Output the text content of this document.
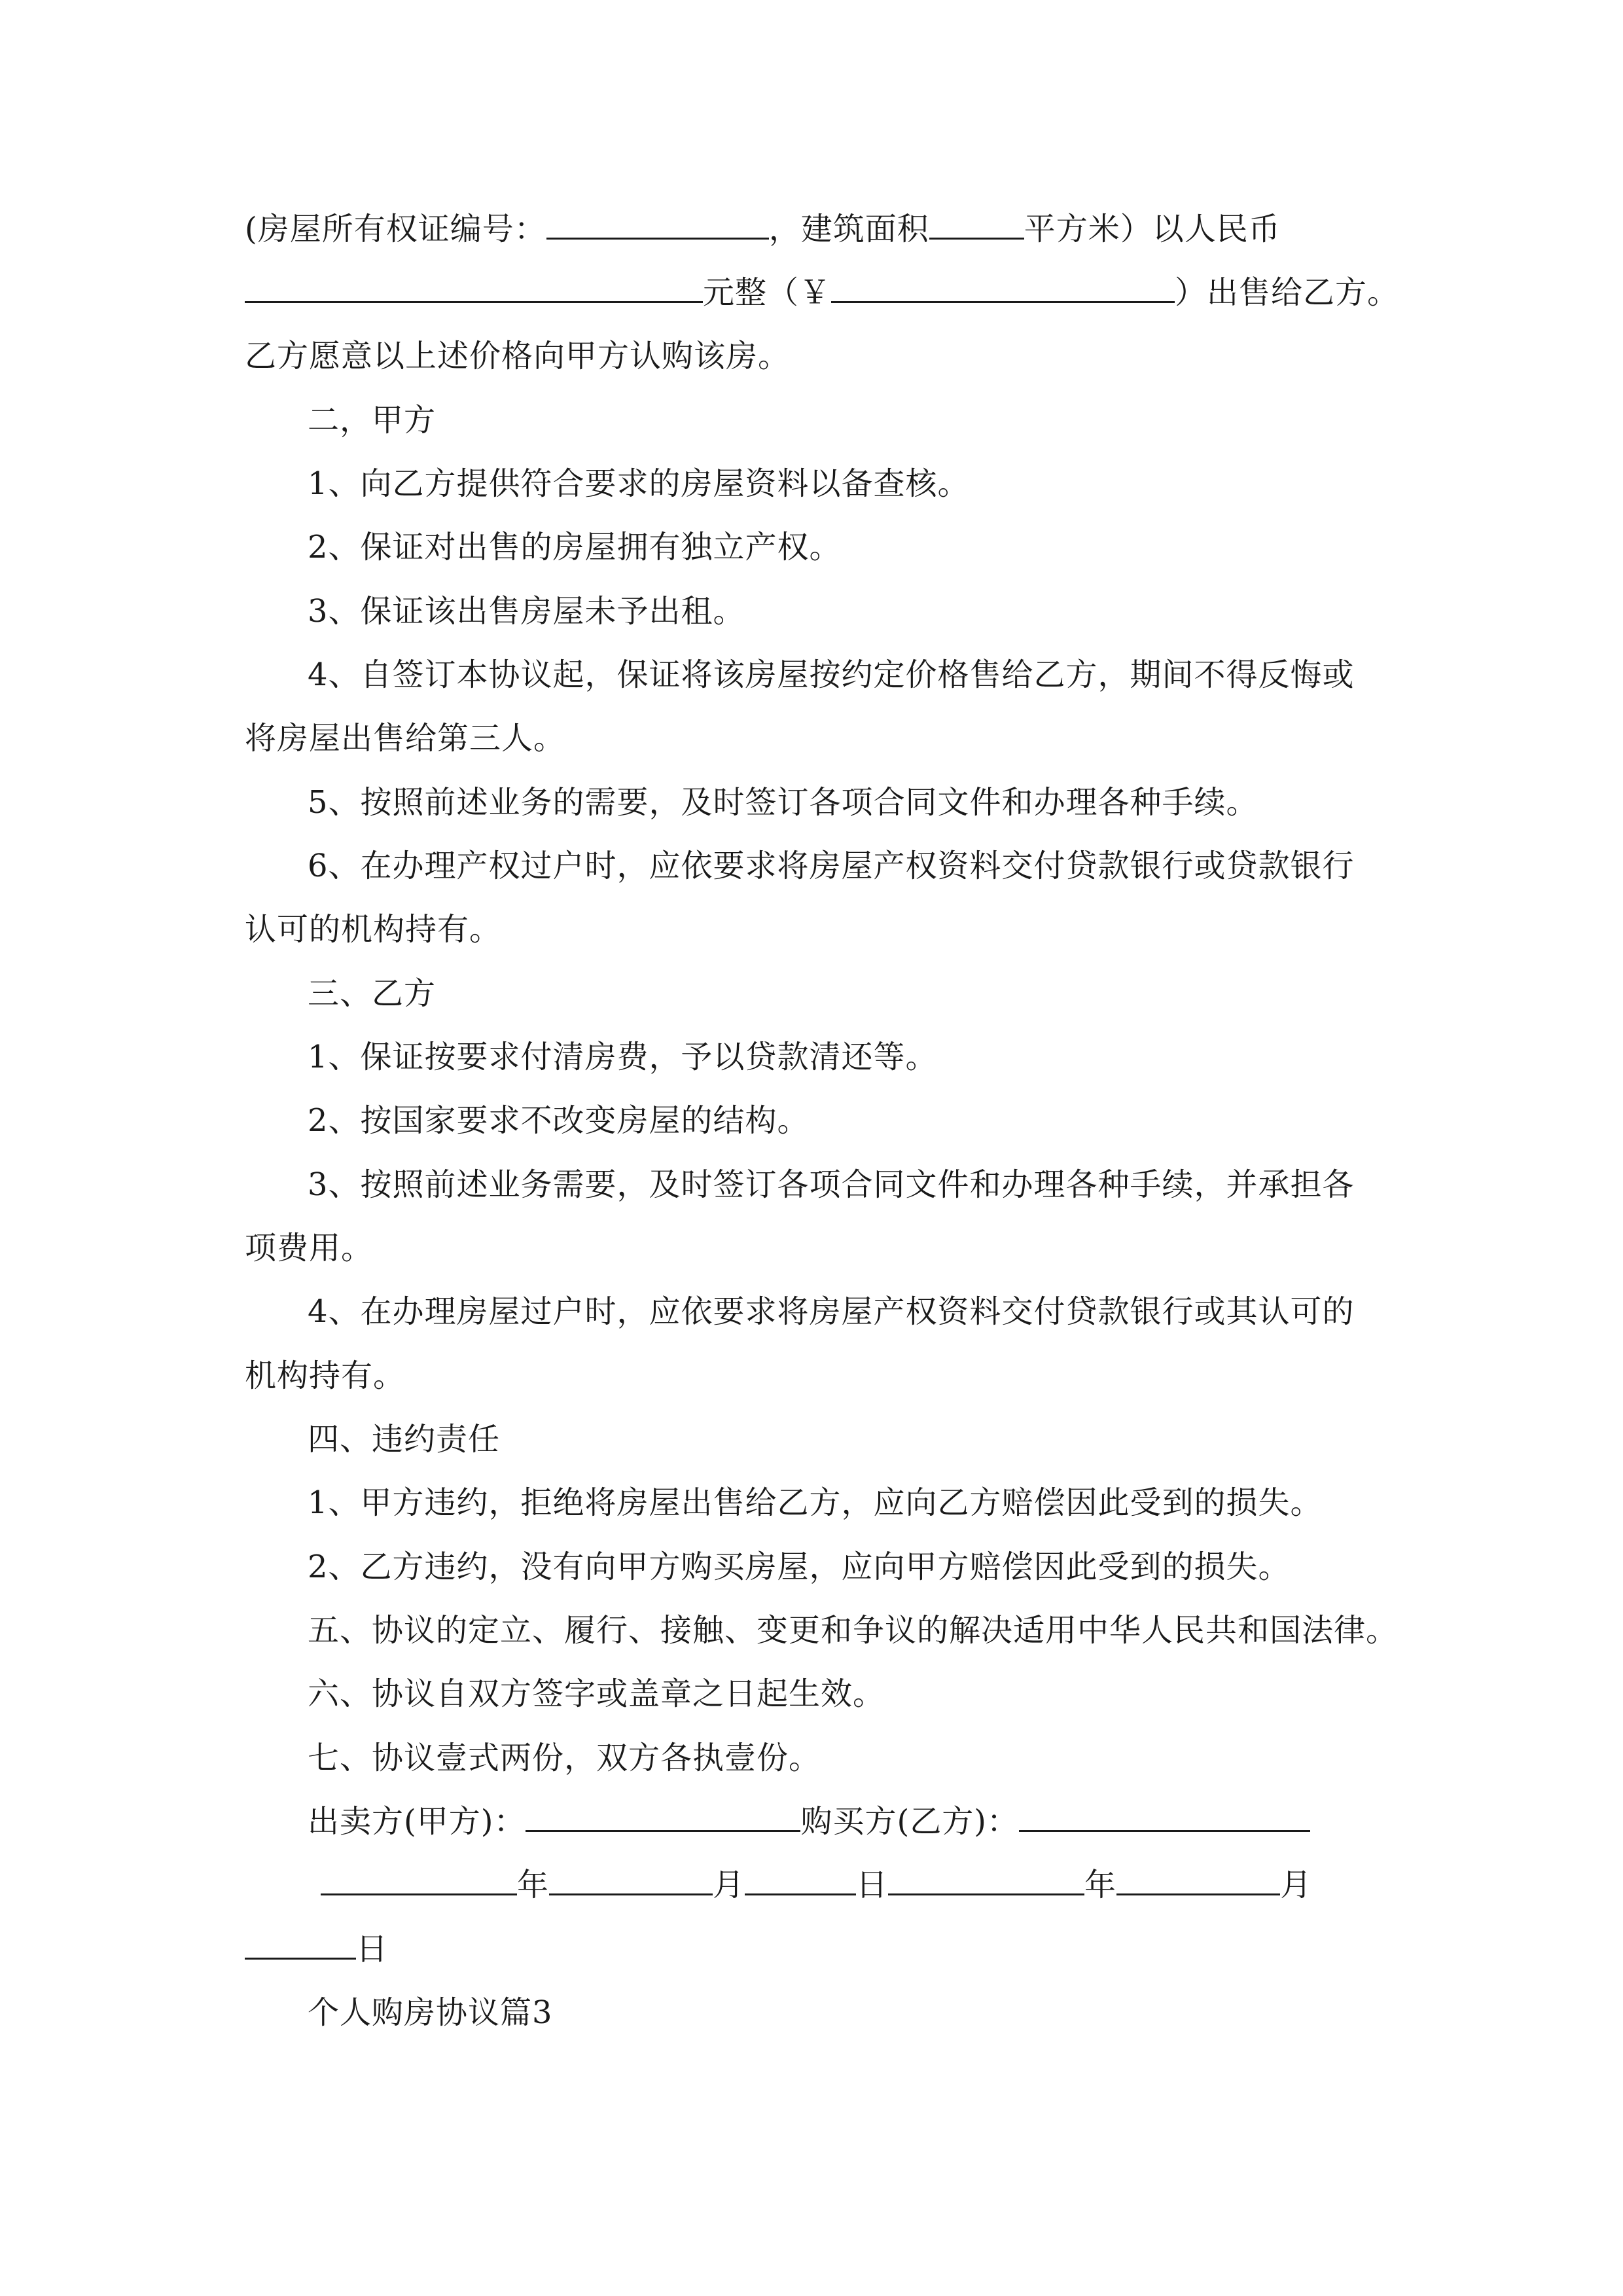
(房屋所有权证编号：	，建筑面积	平方米）以人民币
元整（￥	）出售给乙方。
乙方愿意以上述价格向甲方认购该房。
二，甲方
1、向乙方提供符合要求的房屋资料以备查核。
2、保证对出售的房屋拥有独立产权。
3、保证该出售房屋未予出租。
4、自签订本协议起，保证将该房屋按约定价格售给乙方，期间不得反悔或
将房屋出售给第三人。
5、按照前述业务的需要，及时签订各项合同文件和办理各种手续。
6、在办理产权过户时，应依要求将房屋产权资料交付贷款银行或贷款银行
认可的机构持有。
三、乙方
1、保证按要求付清房费，予以贷款清还等。
2、按国家要求不改变房屋的结构。
3、按照前述业务需要，及时签订各项合同文件和办理各种手续，并承担各
项费用。
4、在办理房屋过户时，应依要求将房屋产权资料交付贷款银行或其认可的
机构持有。
四、违约责任
1、甲方违约，拒绝将房屋出售给乙方，应向乙方赔偿因此受到的损失。
2、乙方违约，没有向甲方购买房屋，应向甲方赔偿因此受到的损失。
五、协议的定立、履行、接触、变更和争议的解决适用中华人民共和国法律。
六、协议自双方签字或盖章之日起生效。
七、协议壹式两份，双方各执壹份。
出卖方(甲方)：	购买方(乙方)：
年	月	日	年	月
日
个人购房协议篇3
